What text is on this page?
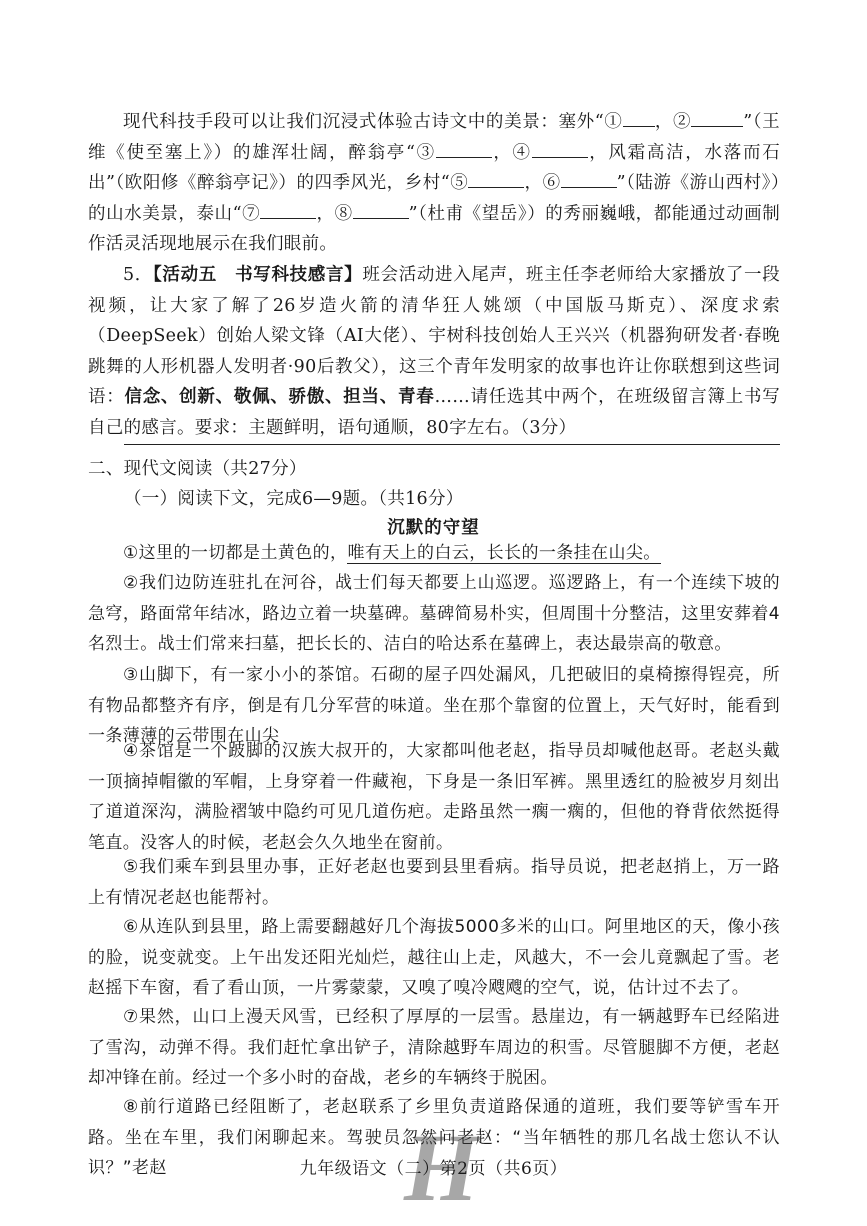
现代科技手段可以让我们沉浸式体验古诗文中的美景：塞外“① ，②	”（王维《使至塞上》）的雄浑壮阔，醉翁亭“③	，④	，风霜高洁，水落而石出”（欧阳修《醉翁亭记》）的四季风光，乡村“⑤	，⑥	”（陆游《游山西村》）的山水美景，泰山“⑦	，⑧	”（杜甫《望岳》）的秀丽巍峨，都能通过动画制作活灵活现地展示在我们眼前。
5．【活动五　书写科技感言】班会活动进入尾声，班主任李老师给大家播放了一段视频，让大家了解了26岁造火箭的清华狂人姚颂（中国版马斯克）、深度求索（DeepSeek）创始人梁文锋（AI大佬）、宇树科技创始人王兴兴（机器狗研发者·春晚跳舞的人形机器人发明者·90后教父），这三个青年发明家的故事也许让你联想到这些词语：信念、创新、敬佩、骄傲、担当、青春……请任选其中两个，在班级留言簿上书写自己的感言。要求：主题鲜明，语句通顺，80字左右。（3分）
二、现代文阅读（共27分）
（一）阅读下文，完成6—9题。（共16分）
沉默的守望
①这里的一切都是土黄色的，唯有天上的白云，长长的一条挂在山尖。
②我们边防连驻扎在河谷，战士们每天都要上山巡逻。巡逻路上，有一个连续下坡的急穹，路面常年结冰，路边立着一块墓碑。墓碑简易朴实，但周围十分整洁，这里安葬着4名烈士。战士们常来扫墓，把长长的、洁白的哈达系在墓碑上，表达最崇高的敬意。
③山脚下，有一家小小的茶馆。石砌的屋子四处漏风，几把破旧的桌椅擦得锃亮，所有物品都整齐有序，倒是有几分军营的味道。坐在那个靠窗的位置上，天气好时，能看到一条薄薄的云带围在山尖
④茶馆是一个跛脚的汉族大叔开的，大家都叫他老赵，指导员却喊他赵哥。老赵头戴一顶摘掉帽徽的军帽，上身穿着一件藏袍，下身是一条旧军裤。黑里透红的脸被岁月刻出了道道深沟，满脸褶皱中隐约可见几道伤疤。走路虽然一瘸一瘸的，但他的脊背依然挺得笔直。没客人的时候，老赵会久久地坐在窗前。
⑤我们乘车到县里办事，正好老赵也要到县里看病。指导员说，把老赵捎上，万一路上有情况老赵也能帮衬。
⑥从连队到县里，路上需要翻越好几个海拔5000多米的山口。阿里地区的天，像小孩的脸，说变就变。上午出发还阳光灿烂，越往山上走，风越大，不一会儿竟飘起了雪。老赵摇下车窗，看了看山顶，一片雾蒙蒙，又嗅了嗅冷飕飕的空气，说，估计过不去了。
⑦果然，山口上漫天风雪，已经积了厚厚的一层雪。悬崖边，有一辆越野车已经陷进了雪沟，动弹不得。我们赶忙拿出铲子，清除越野车周边的积雪。尽管腿脚不方便，老赵却冲锋在前。经过一个多小时的奋战，老乡的车辆终于脱困。
⑧前行道路已经阻断了，老赵联系了乡里负责道路保通的道班，我们要等铲雪车开路。坐在车里，我们闲聊起来。驾驶员忽然问老赵：“当年牺牲的那几名战士您认不认识？”老赵	H
九年级语文（二）第2页（共6页）
